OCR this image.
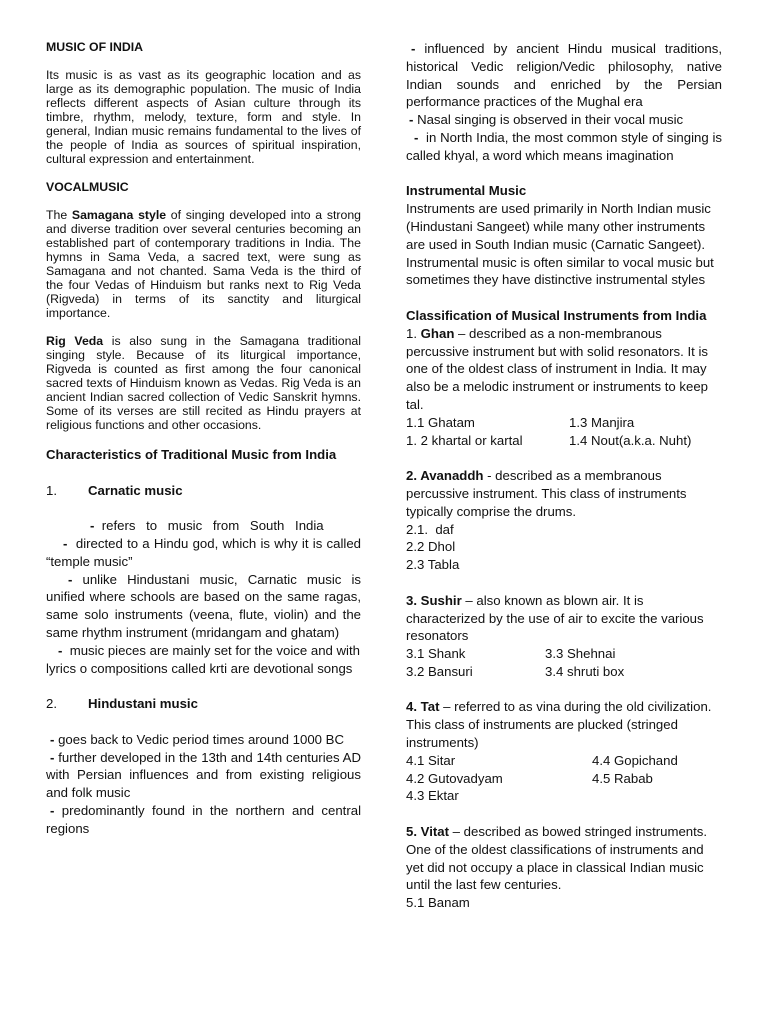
MUSIC OF INDIA

Its music is as vast as its geographic location and as large as its demographic population. The music of India reflects different aspects of Asian culture through its timbre, rhythm, melody, texture, form and style. In general, Indian music remains fundamental to the lives of the people of India as sources of spiritual inspiration, cultural expression and entertainment.

VOCALMUSIC

The Samagana style of singing developed into a strong and diverse tradition over several centuries becoming an established part of contemporary traditions in India. The hymns in Sama Veda, a sacred text, were sung as Samagana and not chanted. Sama Veda is the third of the four Vedas of Hinduism but ranks next to Rig Veda (Rigveda) in terms of its sanctity and liturgical importance.

Rig Veda is also sung in the Samagana traditional singing style. Because of its liturgical importance, Rigveda is counted as first among the four canonical sacred texts of Hinduism known as Vedas. Rig Veda is an ancient Indian sacred collection of Vedic Sanskrit hymns. Some of its verses are still recited as Hindu prayers at religious functions and other occasions.

Characteristics of Traditional Music from India

1. Carnatic music

- refers to music from South India

- directed to a Hindu god, which is why it is called “temple music”

- unlike Hindustani music, Carnatic music is unified where schools are based on the same ragas, same solo instruments (veena, flute, violin) and the same rhythm instrument (mridangam and ghatam)

- music pieces are mainly set for the voice and with lyrics o compositions called krti are devotional songs

2. Hindustani music

- goes back to Vedic period times around 1000 BC

- further developed in the 13th and 14th centuries AD with Persian influences and from existing religious and folk music

- predominantly found in the northern and central regions

- influenced by ancient Hindu musical traditions, historical Vedic religion/Vedic philosophy, native Indian sounds and enriched by the Persian performance practices of the Mughal era

- Nasal singing is observed in their vocal music

- in North India, the most common style of singing is called khyal, a word which means imagination

Instrumental Music

Instruments are used primarily in North Indian music (Hindustani Sangeet) while many other instruments are used in South Indian music (Carnatic Sangeet). Instrumental music is often similar to vocal music but sometimes they have distinctive instrumental styles

Classification of Musical Instruments from India

1. Ghan – described as a non-membranous percussive instrument but with solid resonators. It is one of the oldest class of instrument in India. It may also be a melodic instrument or instruments to keep tal.

1.1 Ghatam	1.3 Manjira
1. 2 khartal or kartal	1.4 Nout(a.k.a. Nuht)

2. Avanaddh - described as a membranous percussive instrument. This class of instruments typically comprise the drums.

2.1.  daf

2.2 Dhol

2.3 Tabla

3. Sushir – also known as blown air. It is characterized by the use of air to excite the various resonators

3.1 Shank	3.3 Shehnai
3.2 Bansuri	3.4 shruti box

4. Tat – referred to as vina during the old civilization. This class of instruments are plucked (stringed instruments)

4.1 Sitar	4.4 Gopichand
4.2 Gutovadyam	4.5 Rabab

4.3 Ektar

5. Vitat – described as bowed stringed instruments. One of the oldest classifications of instruments and yet did not occupy a place in classical Indian music until the last few centuries.

5.1 Banam
